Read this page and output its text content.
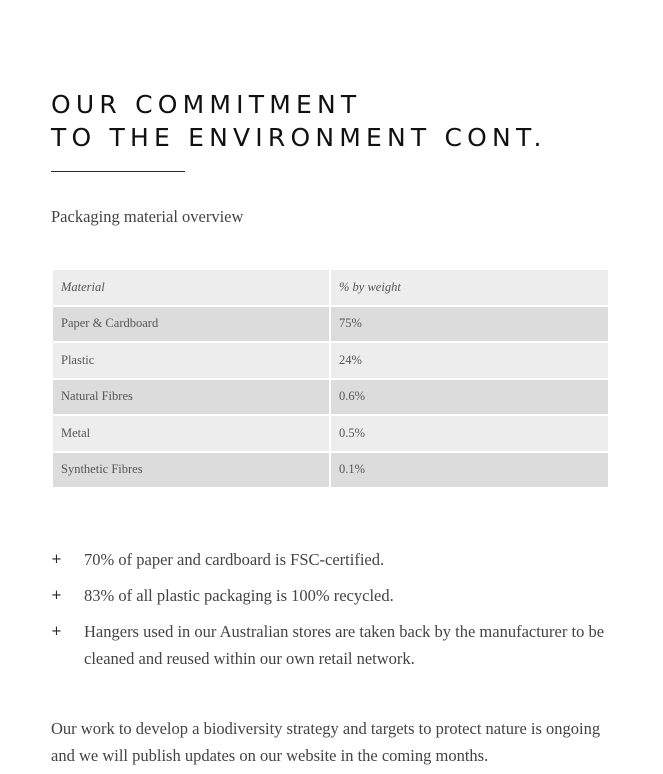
OUR COMMITMENT
TO THE ENVIRONMENT CONT.
Packaging material overview
Material	% by weight
Paper & Cardboard	75%
Plastic	24%
Natural Fibres	0.6%
Metal	0.5%
Synthetic Fibres	0.1%
+ 70% of paper and cardboard is FSC-certified.
+ 83% of all plastic packaging is 100% recycled.
+ Hangers used in our Australian stores are taken back by the manufacturer to be cleaned and reused within our own retail network.

Our work to develop a biodiversity strategy and targets to protect nature is ongoing and we will publish updates on our website in the coming months.
